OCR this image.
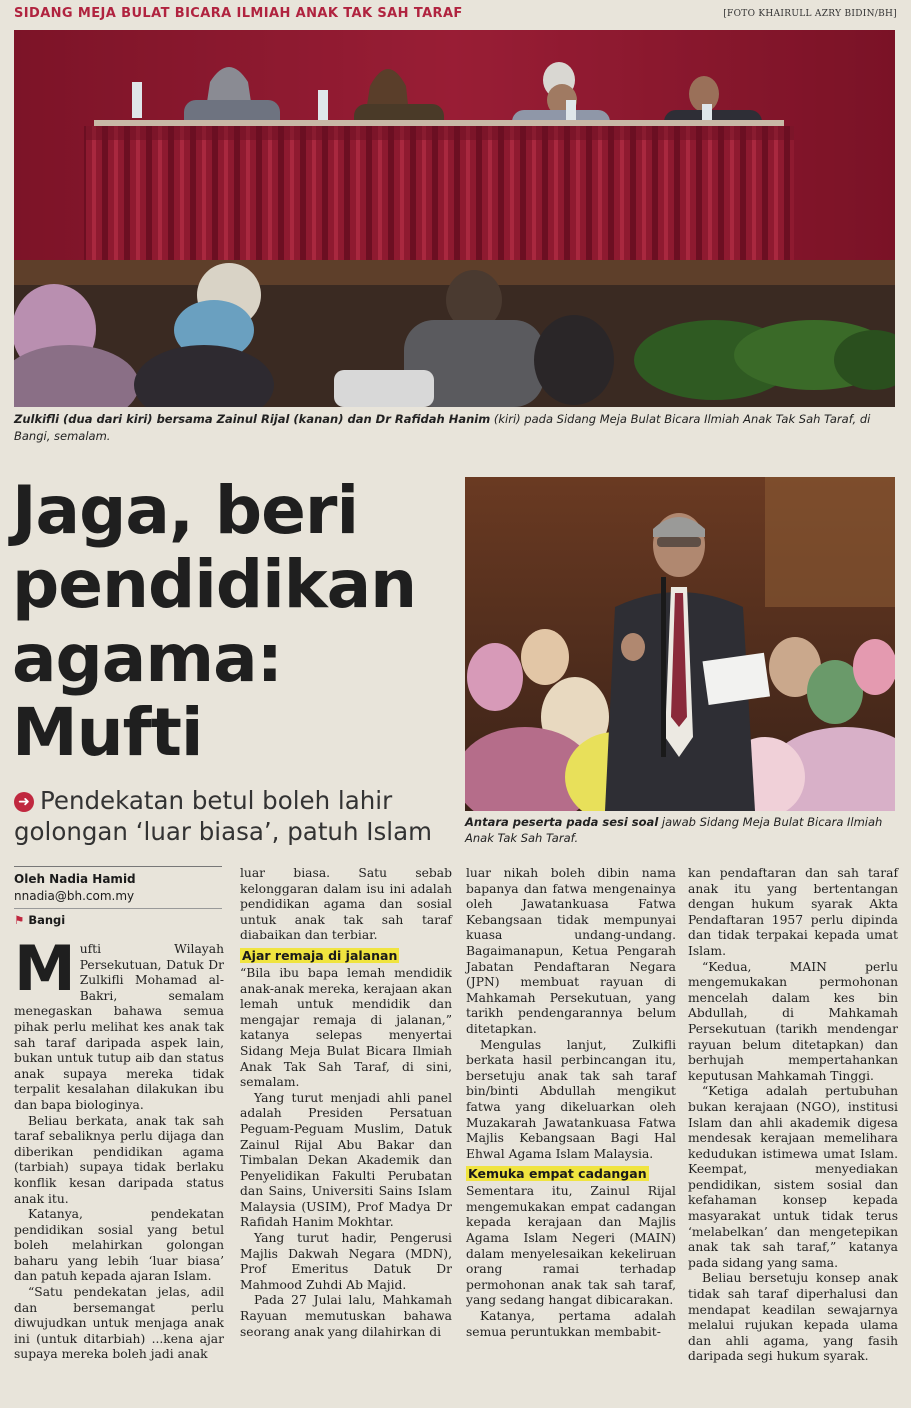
SIDANG MEJA BULAT BICARA ILMIAH ANAK TAK SAH TARAF	[FOTO KHAIRULL AZRY BIDIN/BH]
Zulkifli (dua dari kiri) bersama Zainul Rijal (kanan) dan Dr Rafidah Hanim (kiri) pada Sidang Meja Bulat Bicara Ilmiah Anak Tak Sah Taraf, di Bangi, semalam.
Jaga, beri
pendidikan
agama: Mufti
➜ Pendekatan betul boleh lahir golongan ‘luar biasa’, patuh Islam	Antara peserta pada sesi soal jawab Sidang Meja Bulat Bicara Ilmiah Anak Tak Sah Taraf.
Oleh Nadia Hamid
nnadia@bh.com.my
⚑ Bangi

Mufti Wilayah Persekutuan, Datuk Dr Zulkifli Mohamad al-Bakri, semalam menegaskan bahawa semua pihak perlu melihat kes anak tak sah taraf daripada aspek lain, bukan untuk tutup aib dan status anak supaya mereka tidak terpalit kesalahan dilakukan ibu dan bapa biologinya.

Beliau berkata, anak tak sah taraf sebaliknya perlu dijaga dan diberikan pendidikan agama (tarbiah) supaya tidak berlaku konflik kesan daripada status anak itu.

Katanya, pendekatan pendidikan sosial yang betul boleh melahirkan golongan baharu yang lebih ‘luar biasa’ dan patuh kepada ajaran Islam.

“Satu pendekatan jelas, adil dan bersemangat perlu diwujudkan untuk menjaga anak ini (untuk ditarbiah) ...kena ajar supaya mereka boleh jadi anak

luar biasa. Satu sebab kelonggaran dalam isu ini adalah pendidikan agama dan sosial untuk anak tak sah taraf diabaikan dan terbiar.

Ajar remaja di jalanan

“Bila ibu bapa lemah mendidik anak-anak mereka, kerajaan akan lemah untuk mendidik dan mengajar remaja di jalanan,” katanya selepas menyertai Sidang Meja Bulat Bicara Ilmiah Anak Tak Sah Taraf, di sini, semalam.

Yang turut menjadi ahli panel adalah Presiden Persatuan Peguam-Peguam Muslim, Datuk Zainul Rijal Abu Bakar dan Timbalan Dekan Akademik dan Penyelidikan Fakulti Perubatan dan Sains, Universiti Sains Islam Malaysia (USIM), Prof Madya Dr Rafidah Hanim Mokhtar.

Yang turut hadir, Pengerusi Majlis Dakwah Negara (MDN), Prof Emeritus Datuk Dr Mahmood Zuhdi Ab Majid.

Pada 27 Julai lalu, Mahkamah Rayuan memutuskan bahawa seorang anak yang dilahirkan di

luar nikah boleh dibin nama bapanya dan fatwa mengenainya oleh Jawatankuasa Fatwa Kebangsaan tidak mempunyai kuasa undang-undang. Bagaimanapun, Ketua Pengarah Jabatan Pendaftaran Negara (JPN) membuat rayuan di Mahkamah Persekutuan, yang tarikh pendengarannya belum ditetapkan.

Mengulas lanjut, Zulkifli berkata hasil perbincangan itu, bersetuju anak tak sah taraf bin/binti Abdullah mengikut fatwa yang dikeluarkan oleh Muzakarah Jawatankuasa Fatwa Majlis Kebangsaan Bagi Hal Ehwal Agama Islam Malaysia.

Kemuka empat cadangan

Sementara itu, Zainul Rijal mengemukakan empat cadangan kepada kerajaan dan Majlis Agama Islam Negeri (MAIN) dalam menyelesaikan kekeliruan orang ramai terhadap permohonan anak tak sah taraf, yang sedang hangat dibicarakan.

Katanya, pertama adalah semua peruntukkan membabit-

kan pendaftaran dan sah taraf anak itu yang bertentangan dengan hukum syarak Akta Pendaftaran 1957 perlu dipinda dan tidak terpakai kepada umat Islam.

“Kedua, MAIN perlu mengemukakan permohonan mencelah dalam kes bin Abdullah, di Mahkamah Persekutuan (tarikh mendengar rayuan belum ditetapkan) dan berhujah mempertahankan keputusan Mahkamah Tinggi.

“Ketiga adalah pertubuhan bukan kerajaan (NGO), institusi Islam dan ahli akademik digesa mendesak kerajaan memelihara kedudukan istimewa umat Islam. Keempat, menyediakan pendidikan, sistem sosial dan kefahaman konsep kepada masyarakat untuk tidak terus ‘melabelkan’ dan mengetepikan anak tak sah taraf,” katanya pada sidang yang sama.

Beliau bersetuju konsep anak tidak sah taraf diperhalusi dan mendapat keadilan sewajarnya melalui rujukan kepada ulama dan ahli agama, yang fasih daripada segi hukum syarak.
